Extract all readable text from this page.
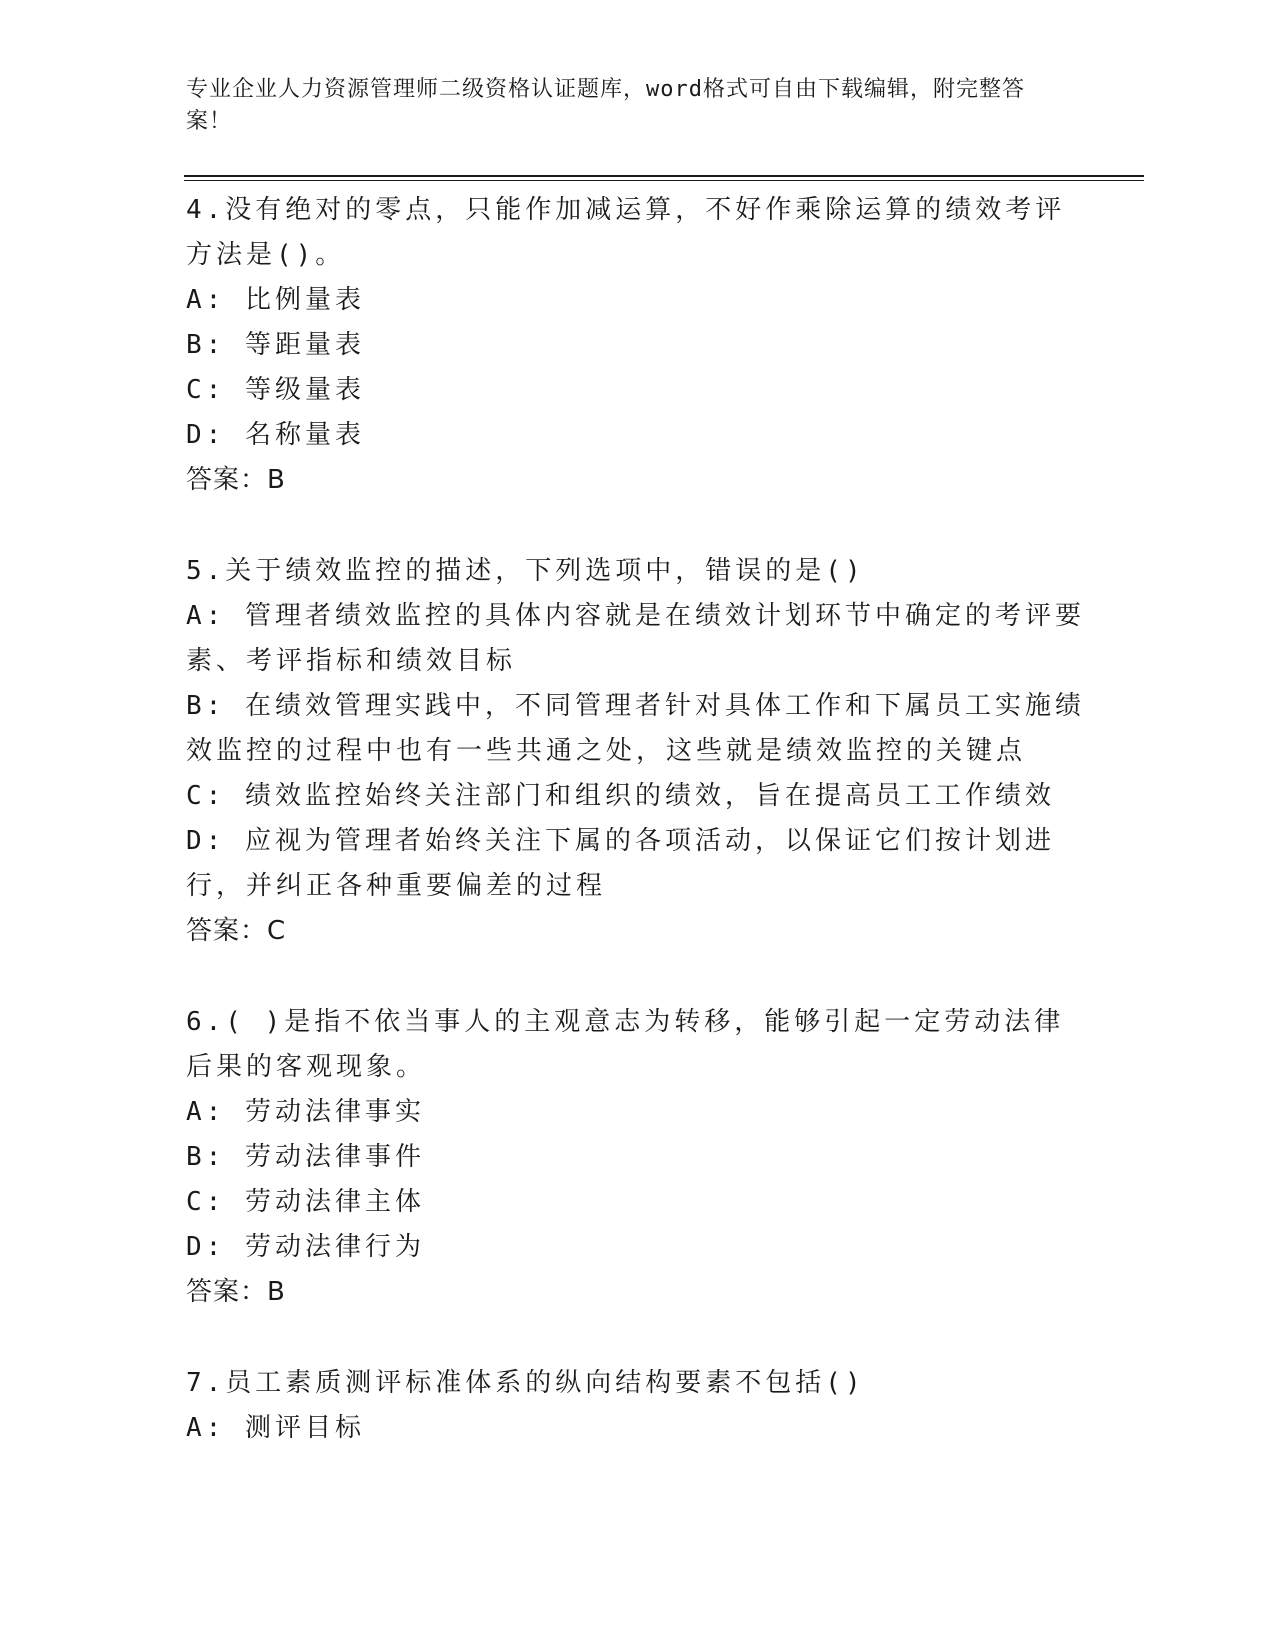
专业企业人力资源管理师二级资格认证题库，word格式可自由下载编辑，附完整答案！

4.没有绝对的零点，只能作加减运算，不好作乘除运算的绩效考评方法是()。

A: 比例量表

B: 等距量表

C: 等级量表

D: 名称量表

答案：B

5.关于绩效监控的描述，下列选项中，错误的是()

A: 管理者绩效监控的具体内容就是在绩效计划环节中确定的考评要素、考评指标和绩效目标

B: 在绩效管理实践中，不同管理者针对具体工作和下属员工实施绩效监控的过程中也有一些共通之处，这些就是绩效监控的关键点

C: 绩效监控始终关注部门和组织的绩效，旨在提高员工工作绩效

D: 应视为管理者始终关注下属的各项活动，以保证它们按计划进行，并纠正各种重要偏差的过程

答案：C

6.( )是指不依当事人的主观意志为转移，能够引起一定劳动法律后果的客观现象。

A: 劳动法律事实

B: 劳动法律事件

C: 劳动法律主体

D: 劳动法律行为

答案：B

7.员工素质测评标准体系的纵向结构要素不包括()

A: 测评目标
